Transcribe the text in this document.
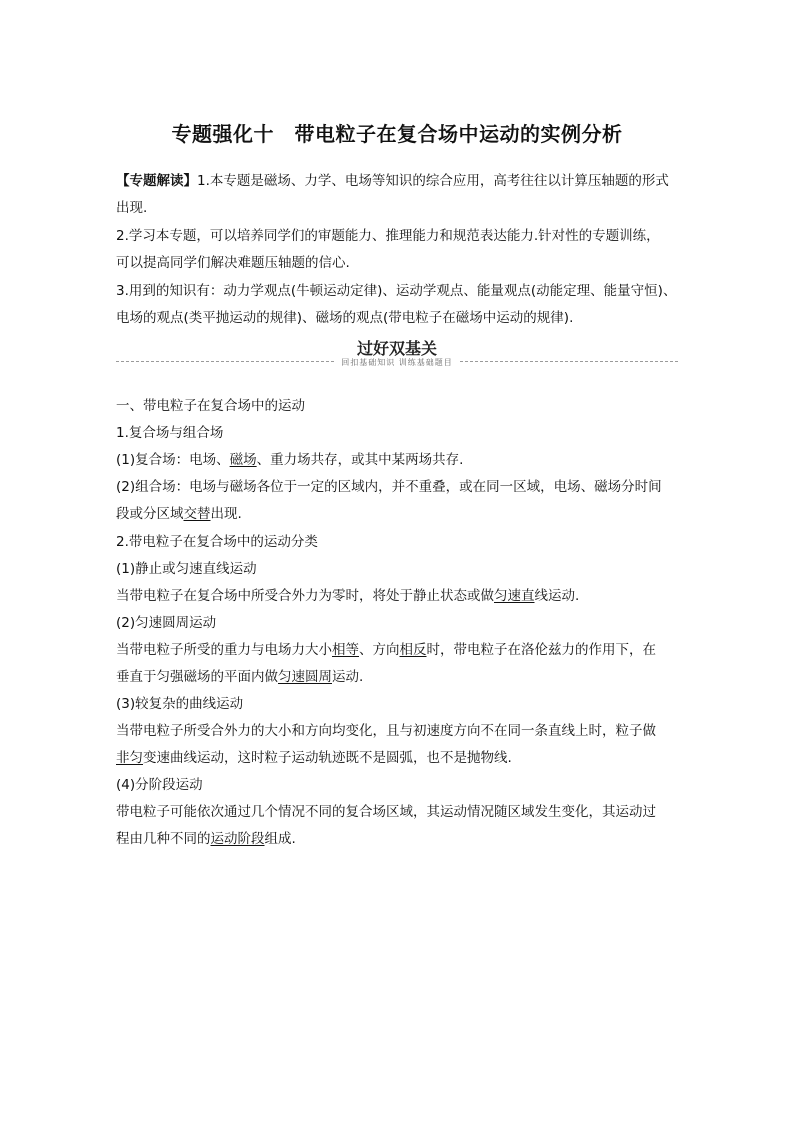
专题强化十　带电粒子在复合场中运动的实例分析
【专题解读】1.本专题是磁场、力学、电场等知识的综合应用，高考往往以计算压轴题的形式
出现.
2.学习本专题，可以培养同学们的审题能力、推理能力和规范表达能力.针对性的专题训练，
可以提高同学们解决难题压轴题的信心.
3.用到的知识有：动力学观点(牛顿运动定律)、运动学观点、能量观点(动能定理、能量守恒)、
电场的观点(类平抛运动的规律)、磁场的观点(带电粒子在磁场中运动的规律).
过好双基关
回扣基础知识 训练基础题目
一、带电粒子在复合场中的运动
1.复合场与组合场
(1)复合场：电场、磁场、重力场共存，或其中某两场共存.
(2)组合场：电场与磁场各位于一定的区域内，并不重叠，或在同一区域，电场、磁场分时间
段或分区域交替出现.
2.带电粒子在复合场中的运动分类
(1)静止或匀速直线运动
当带电粒子在复合场中所受合外力为零时，将处于静止状态或做匀速直线运动.
(2)匀速圆周运动
当带电粒子所受的重力与电场力大小相等、方向相反时，带电粒子在洛伦兹力的作用下，在
垂直于匀强磁场的平面内做匀速圆周运动.
(3)较复杂的曲线运动
当带电粒子所受合外力的大小和方向均变化，且与初速度方向不在同一条直线上时，粒子做
非匀变速曲线运动，这时粒子运动轨迹既不是圆弧，也不是抛物线.
(4)分阶段运动
带电粒子可能依次通过几个情况不同的复合场区域，其运动情况随区域发生变化，其运动过
程由几种不同的运动阶段组成.
